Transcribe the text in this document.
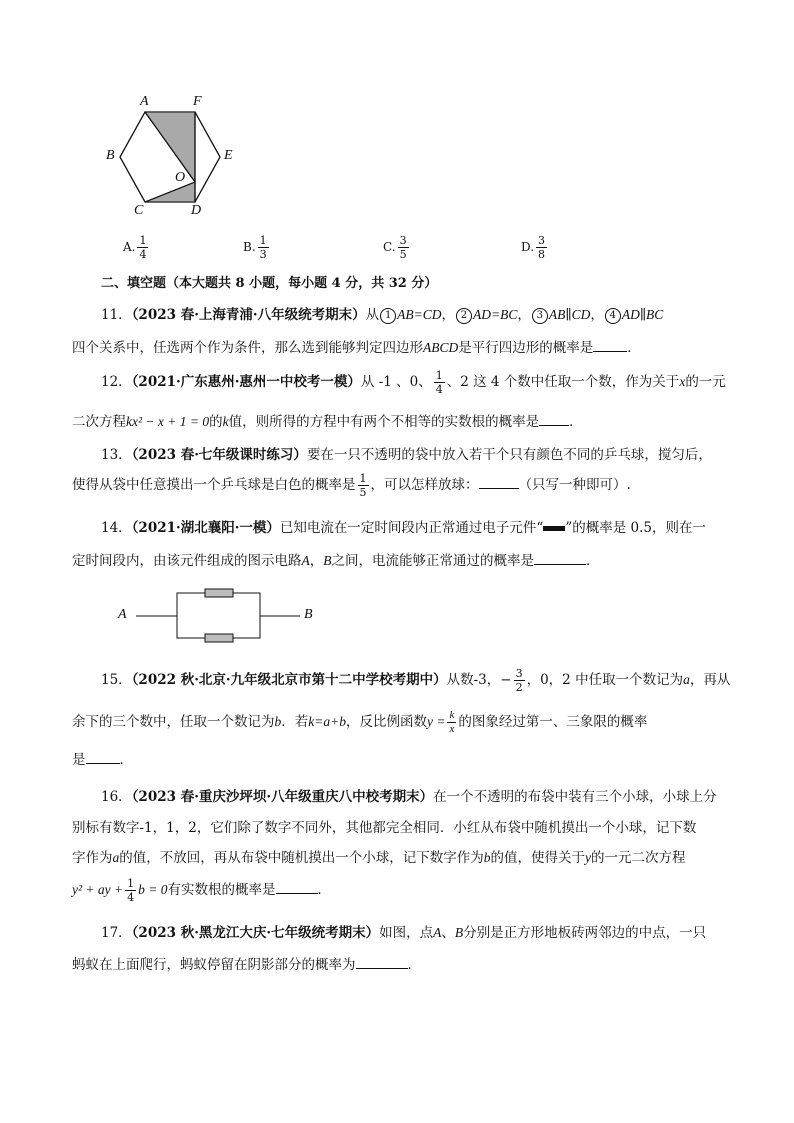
A	F
B	E
O
C	D
A. $\frac{1}{4}$	B. $\frac{1}{3}$	C. $\frac{3}{5}$	D. $\frac{3}{8}$
二、填空题（本大题共 8 小题，每小题 4 分，共 32 分）
11．（2023 春·上海青浦·八年级统考期末）从 1 AB=CD， 2 AD=BC， 3 AB∥CD， 4 AD∥BC
四个关系中，任选两个作为条件，那么选到能够判定四边形ABCD是平行四边形的概率是	．
12．（2021·广东惠州·惠州一中校考一模）从 -1 、0、 $\frac{1}{4}$ 、2 这 4 个数中任取一个数，作为关于x的一元
二次方程kx² − x + 1 = 0的k值，则所得的方程中有两个不相等的实数根的概率是 ．
13．（2023 春·七年级课时练习）要在一只不透明的袋中放入若干个只有颜色不同的乒乓球，搅匀后，
使得从袋中任意摸出一个乒乓球是白色的概率是 $\frac{1}{5}$ ，可以怎样放球：	（只写一种即可）.
14．（2021·湖北襄阳·一模）已知电流在一定时间段内正常通过电子元件“ ”的概率是 0.5，则在一
定时间段内，由该元件组成的图示电路A，B之间，电流能够正常通过的概率是	．
A	B
15．（2022 秋·北京·九年级北京市第十二中学校考期中）从数-3，− $\frac{3}{2}$ ，0，2 中任取一个数记为a，再从
余下的三个数中，任取一个数记为b．若k=a+b，反比例函数$y = \frac{k}{x}$ 的图象经过第一、三象限的概率
是	．
16．（2023 春·重庆沙坪坝·八年级重庆八中校考期末）在一个不透明的布袋中装有三个小球，小球上分
别标有数字-1，1，2，它们除了数字不同外，其他都完全相同．小红从布袋中随机摸出一个小球，记下数
字作为a的值，不放回，再从布袋中随机摸出一个小球，记下数字作为b的值，使得关于y的一元二次方程
y² + ay + $\frac{1}{4}$ b = 0有实数根的概率是	．
17．（2023 秋·黑龙江大庆·七年级统考期末）如图，点A、B分别是正方形地板砖两邻边的中点，一只
蚂蚁在上面爬行，蚂蚁停留在阴影部分的概率为	．
